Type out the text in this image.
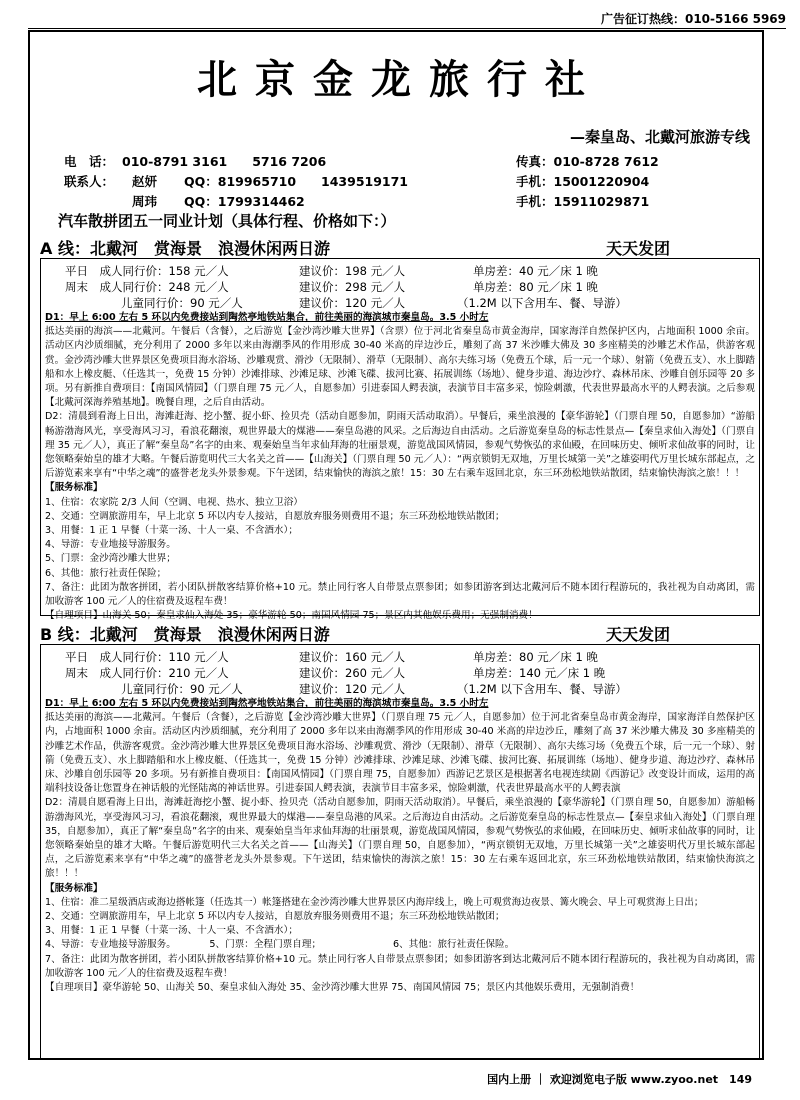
广告征订热线：010-5166 5969
北京金龙旅行社
—秦皇岛、北戴河旅游专线
电　话： 010-8791 3161　　5716 7206	传真：010-8728 7612
联系人： 赵妍 QQ：819965710　　1439519171	手机：15001220904
周玮 QQ：1799314462	手机：15911029871
汽车散拼团五一同业计划（具体行程、价格如下：）
A 线：北戴河　赏海景　浪漫休闲两日游	天天发团
平日　成人同行价：158 元／人	建议价：198 元／人	单房差：40 元／床 1 晚
周末　成人同行价：248 元／人	建议价：298 元／人	单房差：80 元／床 1 晚
儿童同行价：90 元／人	建议价：120 元／人	（1.2M 以下含用车、餐、导游）

D1：早上 6:00 左右 5 环以内免费接站到陶然亭地铁站集合，前往美丽的海滨城市秦皇岛。3.5 小时左

抵达美丽的海滨——北戴河。午餐后（含餐），之后游览【金沙湾沙雕大世界】（含票）位于河北省秦皇岛市黄金海岸，国家海洋自然保护区内，占地面积 1000 余亩。活动区内沙质细腻，充分利用了 2000 多年以来由海潮季风的作用形成 30-40 米高的岸边沙丘，雕刻了高 37 米沙雕大佛及 30 多座精美的沙雕艺术作品，供游客观赏。金沙湾沙雕大世界景区免费项目海水浴场、沙雕观赏、滑沙（无限制）、滑草（无限制）、高尔夫练习场（免费五个球，后一元一个球）、射箭（免费五支）、水上脚踏船和水上橡皮艇、（任选其一，免费 15 分钟）沙滩排球、沙滩足球、沙滩飞碟、拔河比赛、拓展训练（场地）、健身步道、海边沙疗、森林吊床、沙雕自创乐园等 20 多项。另有新推自费项目：【南国风情园】（门票自理 75 元／人，自愿参加）引进泰国人鳄表演，表演节目丰富多采，惊险刺激，代表世界最高水平的人鳄表演。之后参观【北戴河深海养殖基地】。晚餐自理，之后自由活动。

D2：清晨到看海上日出，海滩赶海、挖小蟹、捉小虾、捡贝壳（活动自愿参加，阴雨天活动取消）。早餐后，乘坐浪漫的【豪华游轮】（门票自理 50，自愿参加）“游船畅游渤海风光，享受海风习习，看浪花翻滚，观世界最大的煤港——秦皇岛港的风采。之后海边自由活动。之后游览秦皇岛的标志性景点—【秦皇求仙入海处】（门票自理 35 元／人），真正了解“秦皇岛”名字的由来、观秦始皇当年求仙拜海的壮丽景观，游览战国风情园，参观气势恢弘的求仙殿，在回味历史、倾听求仙故事的同时，让您领略秦始皇的雄才大略。午餐后游览明代三大名关之首——【山海关】（门票自理 50 元／人）：“两京锁钥无双地，万里长城第一关”之雄姿明代万里长城东部起点，之后游览素来享有“中华之魂”的盛誉老龙头外景参观。下午送团，结束愉快的海滨之旅！15：30 左右乘车返回北京，东三环劲松地铁站散团，结束愉快海滨之旅！！！

【服务标准】

1、住宿：农家院 2/3 人间（空调、电视、热水、独立卫浴）

2、交通：空调旅游用车，早上北京 5 环以内专人接站，自愿放弃服务则费用不退；东三环劲松地铁站散团；

3、用餐：1 正 1 早餐（十菜一汤、十人一桌、不含酒水）；

4、导游：专业地接导游服务。

5、门票：金沙湾沙雕大世界；

6、其他：旅行社责任保险；

7、备注：此团为散客拼团，若小团队拼散客结算价格+10 元。禁止同行客人自带景点票参团；如参团游客到达北戴河后不随本团行程游玩的，我社视为自动离团，需加收游客 100 元／人的住宿费及返程车费！

【自理项目】山海关 50；秦皇求仙入海处 35；豪华游轮 50；南国风情园 75；景区内其他娱乐费用；无强制消费！

B 线：北戴河　赏海景　浪漫休闲两日游	天天发团
平日　成人同行价：110 元／人	建议价：160 元／人	单房差：80 元／床 1 晚
周末　成人同行价：210 元／人	建议价：260 元／人	单房差：140 元／床 1 晚
儿童同行价：90 元／人	建议价：120 元／人	（1.2M 以下含用车、餐、导游）

D1：早上 6:00 左右 5 环以内免费接站到陶然亭地铁站集合，前往美丽的海滨城市秦皇岛。3.5 小时左

抵达美丽的海滨——北戴河。午餐后（含餐），之后游览【金沙湾沙雕大世界】（门票自理 75 元／人，自愿参加）位于河北省秦皇岛市黄金海岸，国家海洋自然保护区内，占地面积 1000 余亩。活动区内沙质细腻，充分利用了 2000 多年以来由海潮季风的作用形成 30-40 米高的岸边沙丘，雕刻了高 37 米沙雕大佛及 30 多座精美的沙雕艺术作品，供游客观赏。金沙湾沙雕大世界景区免费项目海水浴场、沙雕观赏、滑沙（无限制）、滑草（无限制）、高尔夫练习场（免费五个球，后一元一个球）、射箭（免费五支）、水上脚踏船和水上橡皮艇、（任选其一，免费 15 分钟）沙滩排球、沙滩足球、沙滩飞碟、拔河比赛、拓展训练（场地）、健身步道、海边沙疗、森林吊床、沙雕自创乐园等 20 多项。另有新推自费项目：【南国风情园】（门票自理 75，自愿参加）西游记艺景区是根据著名电视连续剧《西游记》改变设计而成，运用的高端科技设备让您置身在神话般的光怪陆离的神话世界。引进泰国人鳄表演，表演节目丰富多采，惊险刺激，代表世界最高水平的人鳄表演

D2：清晨自愿看海上日出，海滩赶海挖小蟹、捉小虾、捡贝壳（活动自愿参加，阴雨天活动取消）。早餐后，乘坐浪漫的【豪华游轮】（门票自理 50，自愿参加）游船畅游渤海风光，享受海风习习，看浪花翻滚，观世界最大的煤港——秦皇岛港的风采。之后海边自由活动。之后游览秦皇岛的标志性景点—【秦皇求仙入海处】（门票自理 35，自愿参加），真正了解“秦皇岛”名字的由来、观秦始皇当年求仙拜海的壮丽景观，游览战国风情园，参观气势恢弘的求仙殿，在回味历史、倾听求仙故事的同时，让您领略秦始皇的雄才大略。午餐后游览明代三大名关之首——【山海关】（门票自理 50，自愿参加），“两京锁钥无双地，万里长城第一关”之雄姿明代万里长城东部起点，之后游览素来享有“中华之魂”的盛誉老龙头外景参观。下午送团，结束愉快的海滨之旅！15：30 左右乘车返回北京，东三环劲松地铁站散团，结束愉快海滨之旅！！！

【服务标准】

1、住宿：准二星级酒店或海边搭帐篷（任选其一）帐篷搭建在金沙湾沙雕大世界景区内海岸线上，晚上可观赏海边夜景、篝火晚会、早上可观赏海上日出；

2、交通：空调旅游用车，早上北京 5 环以内专人接站，自愿放弃服务则费用不退；东三环劲松地铁站散团；

3、用餐：1 正 1 早餐（十菜一汤、十人一桌、不含酒水）；

4、导游：专业地接导游服务。　　　　5、门票：全程门票自理；　　　　　　　　6、其他：旅行社责任保险。

7、备注：此团为散客拼团，若小团队拼散客结算价格+10 元。禁止同行客人自带景点票参团；如参团游客到达北戴河后不随本团行程游玩的，我社视为自动离团，需加收游客 100 元／人的住宿费及返程车费！

【自理项目】豪华游轮 50、山海关 50、秦皇求仙入海处 35、金沙湾沙雕大世界 75、南国风情园 75；景区内其他娱乐费用，无强制消费！

国内上册 ｜ 欢迎浏览电子版 www.zyoo.net　149
